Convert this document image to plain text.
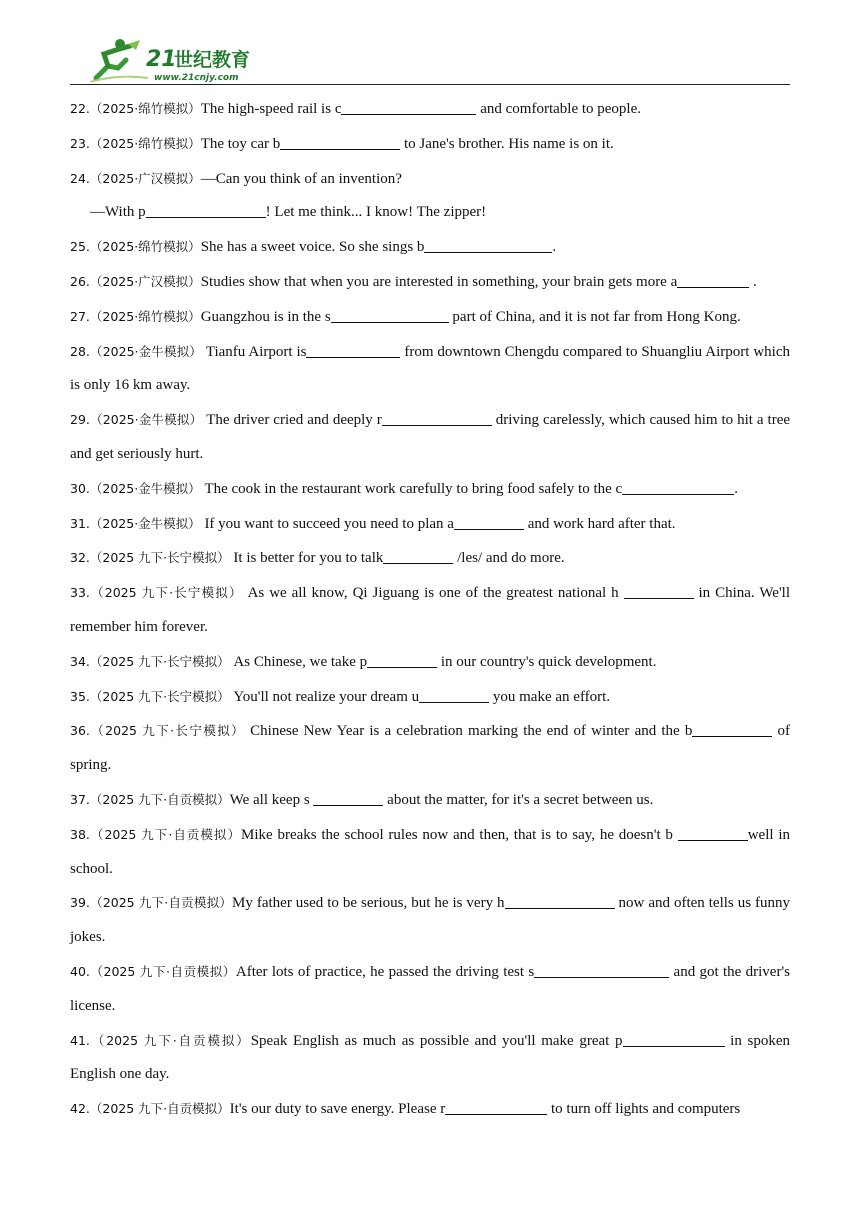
21
世纪教育
www.21cnjy.com
22.（2025·绵竹模拟）The high-speed rail is c	and comfortable to people.
23.（2025·绵竹模拟）The toy car b	to Jane's brother. His name is on it.
24.（2025·广汉模拟）—Can you think of an invention?
—With p	! Let me think... I know! The zipper!
25.（2025·绵竹模拟）She has a sweet voice. So she sings b	.
26.（2025·广汉模拟）Studies show that when you are interested in something, your brain gets more a	.
27.（2025·绵竹模拟）Guangzhou is in the s	part of China, and it is not far from Hong Kong.
28.（2025·金牛模拟） Tianfu Airport is	from downtown Chengdu compared to Shuangliu Airport which is only 16 km away.
29.（2025·金牛模拟） The driver cried and deeply r	driving carelessly, which caused him to hit a tree and get seriously hurt.
30.（2025·金牛模拟） The cook in the restaurant work carefully to bring food safely to the c	.
31.（2025·金牛模拟） If you want to succeed you need to plan a	and work hard after that.
32.（2025 九下·长宁模拟） It is better for you to talk	/les/ and do more.
33.（2025 九下·长宁模拟） As we all know, Qi Jiguang is one of the greatest national h	in China. We'll remember him forever.
34.（2025 九下·长宁模拟） As Chinese, we take p	in our country's quick development.
35.（2025 九下·长宁模拟） You'll not realize your dream u	you make an effort.
36.（2025 九下·长宁模拟） Chinese New Year is a celebration marking the end of winter and the b	of spring.
37.（2025 九下·自贡模拟）We all keep s	about the matter, for it's a secret between us.
38.（2025 九下·自贡模拟）Mike breaks the school rules now and then, that is to say, he doesn't b	well in school.
39.（2025 九下·自贡模拟）My father used to be serious, but he is very h	now and often tells us funny jokes.
40.（2025 九下·自贡模拟）After lots of practice, he passed the driving test s	and got the driver's license.
41.（2025 九下·自贡模拟）Speak English as much as possible and you'll make great p	in spoken English one day.
42.（2025 九下·自贡模拟）It's our duty to save energy. Please r	to turn off lights and computers
